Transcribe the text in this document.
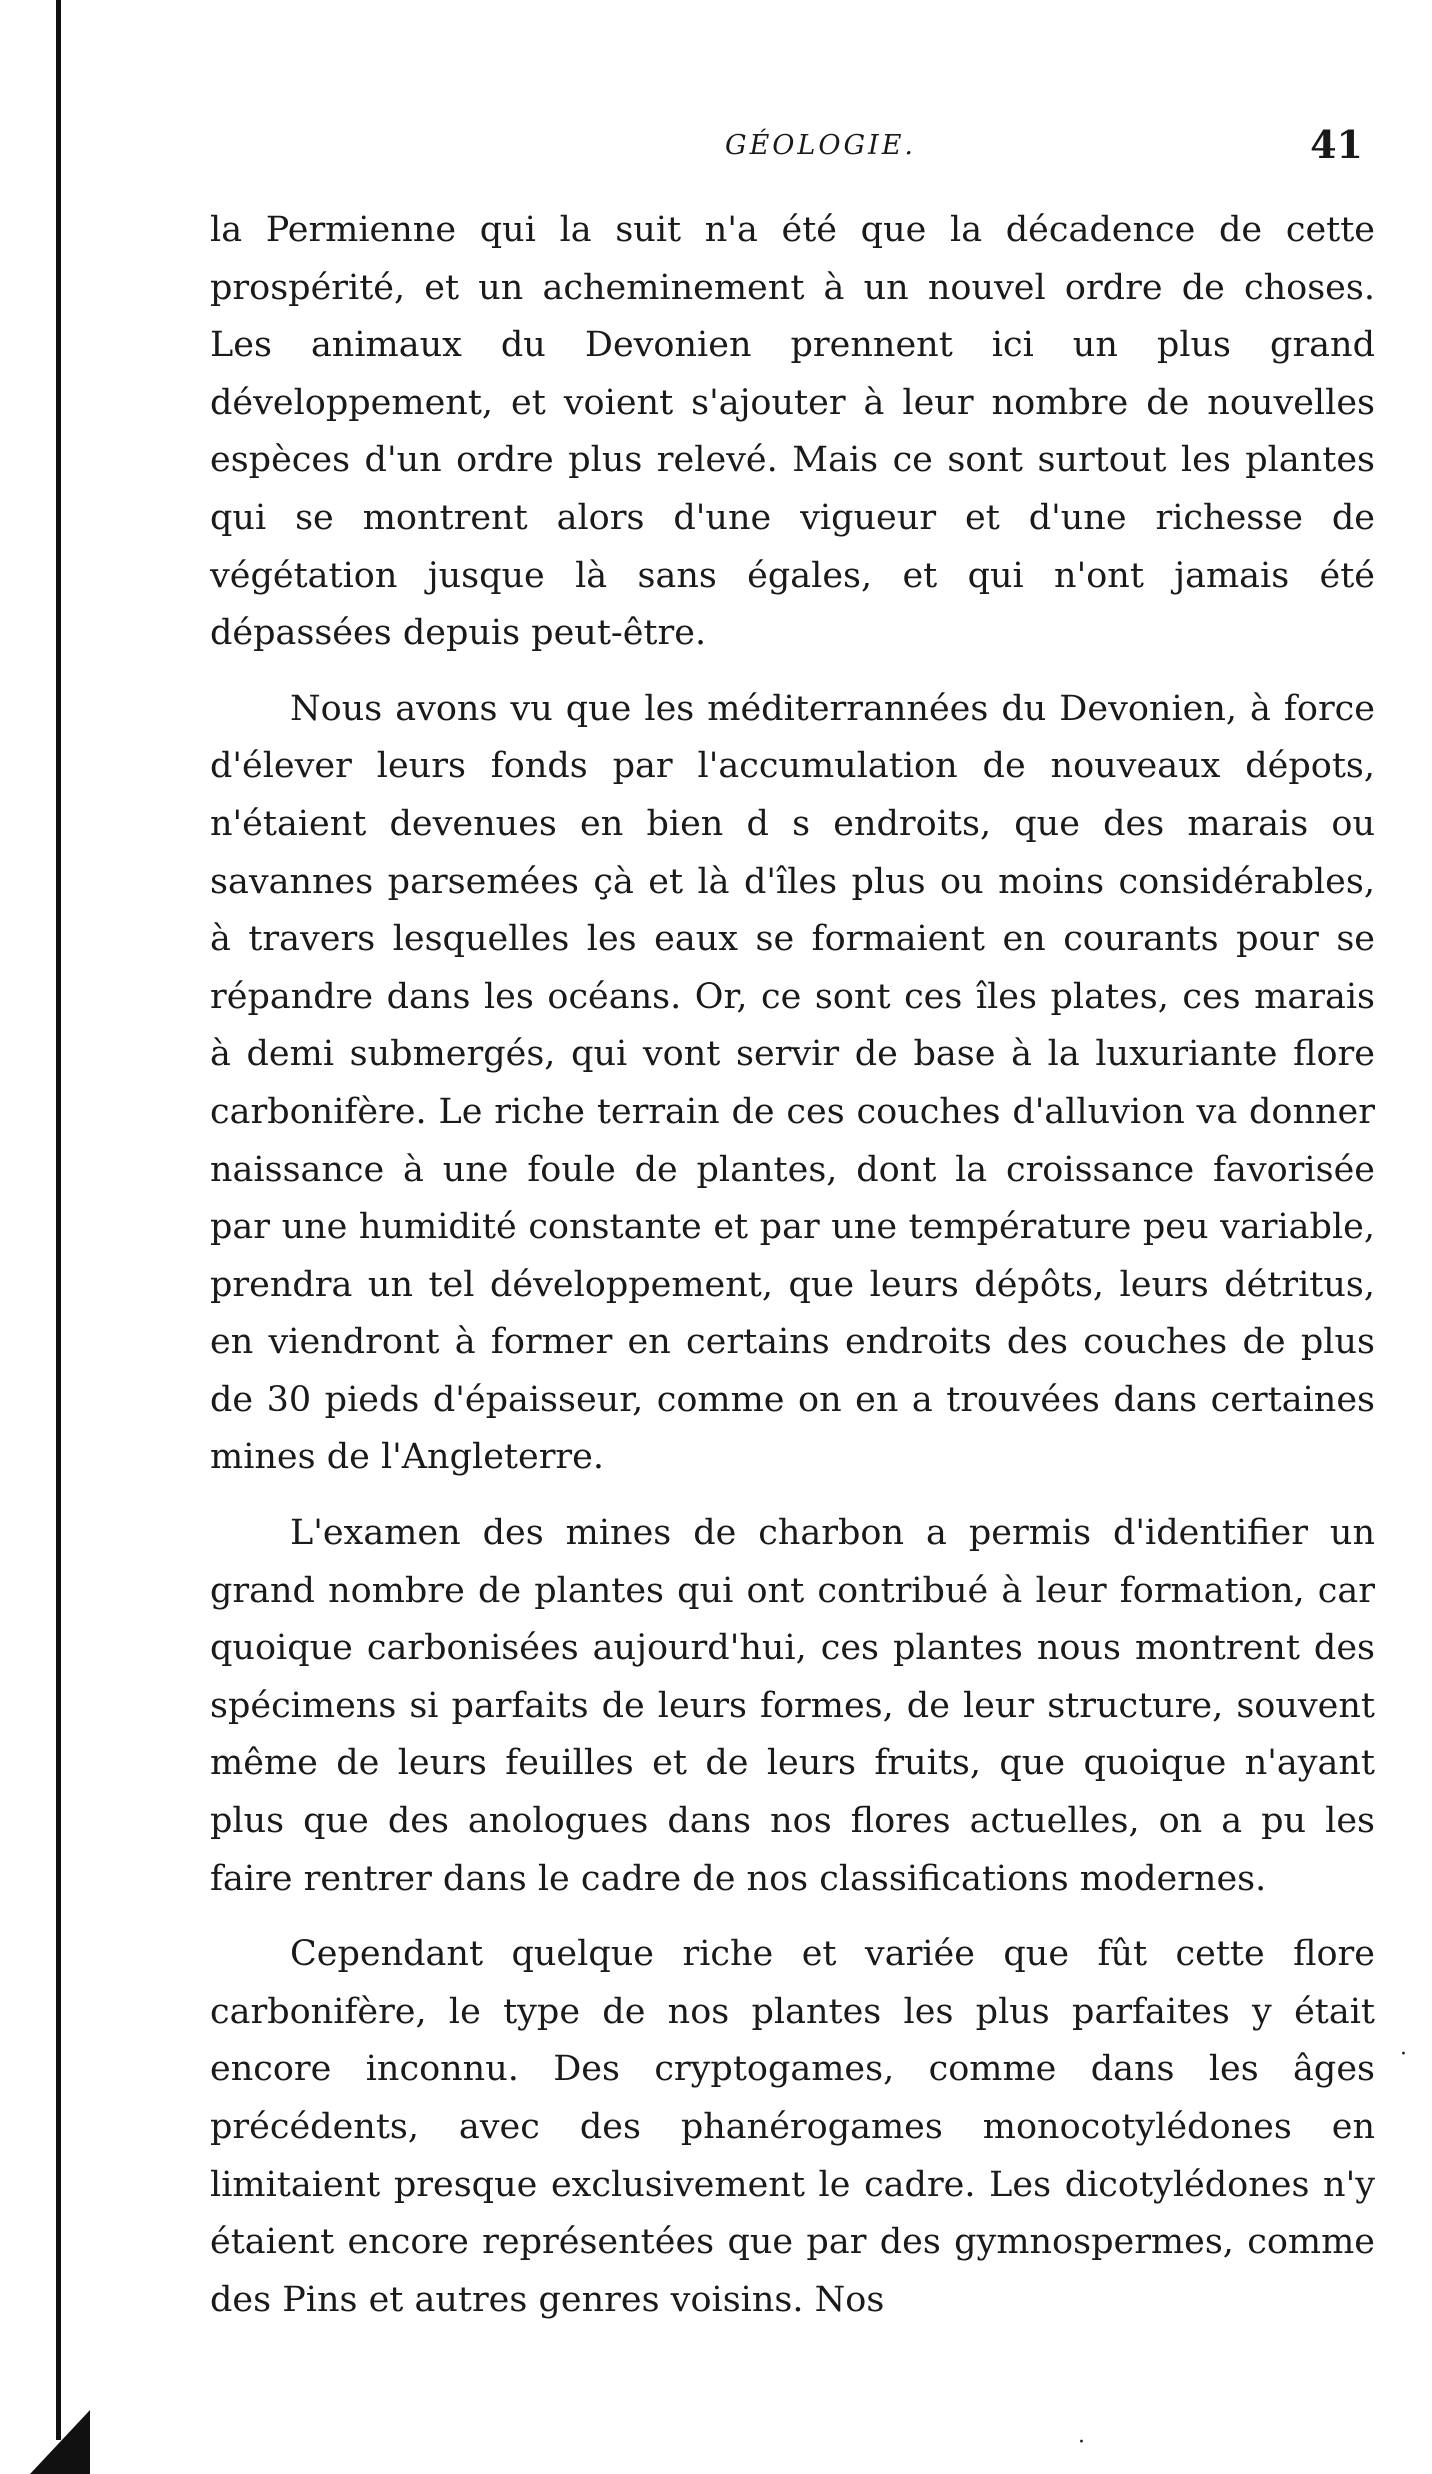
GÉOLOGIE.	41

la Permienne qui la suit n'a été que la décadence de cette prospérité, et un acheminement à un nouvel ordre de choses. Les animaux du Devonien prennent ici un plus grand développement, et voient s'ajouter à leur nombre de nouvelles espèces d'un ordre plus relevé. Mais ce sont surtout les plantes qui se montrent alors d'une vigueur et d'une richesse de végétation jusque là sans égales, et qui n'ont jamais été dépassées depuis peut-être.

Nous avons vu que les méditerrannées du Devonien, à force d'élever leurs fonds par l'accumulation de nouveaux dépots, n'étaient devenues en bien d s endroits, que des marais ou savannes parsemées çà et là d'îles plus ou moins considérables, à travers lesquelles les eaux se formaient en courants pour se répandre dans les océans. Or, ce sont ces îles plates, ces marais à demi submergés, qui vont servir de base à la luxuriante flore carbonifère. Le riche terrain de ces couches d'alluvion va donner naissance à une foule de plantes, dont la croissance favorisée par une humidité constante et par une température peu variable, prendra un tel développement, que leurs dépôts, leurs détritus, en viendront à former en certains endroits des couches de plus de 30 pieds d'épaisseur, comme on en a trouvées dans certaines mines de l'Angleterre.

L'examen des mines de charbon a permis d'identifier un grand nombre de plantes qui ont contribué à leur formation, car quoique carbonisées aujourd'hui, ces plantes nous montrent des spécimens si parfaits de leurs formes, de leur structure, souvent même de leurs feuilles et de leurs fruits, que quoique n'ayant plus que des anologues dans nos flores actuelles, on a pu les faire rentrer dans le cadre de nos classifications modernes.

Cependant quelque riche et variée que fût cette flore carbonifère, le type de nos plantes les plus parfaites y était encore inconnu. Des cryptogames, comme dans les âges précédents, avec des phanérogames monocotylédones en limitaient presque exclusivement le cadre. Les dicotylédones n'y étaient encore représentées que par des gymnospermes, comme des Pins et autres genres voisins. Nos

·
·
